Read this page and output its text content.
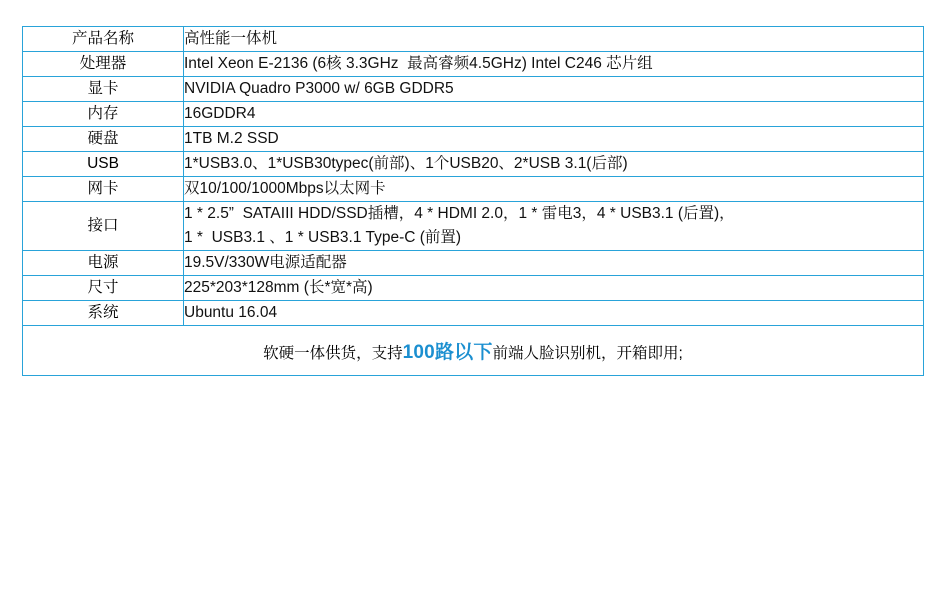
产品名称	高性能一体机

处理器	Intel Xeon E-2136 (6核 3.3GHz  最高睿频4.5GHz) Intel C246 芯片组

显卡	NVIDIA Quadro P3000 w/ 6GB GDDR5

内存	16GDDR4

硬盘	1TB M.2 SSD

USB	1*USB3.0、1*USB30typec(前部)、1个USB20、2*USB 3.1(后部)

网卡	双10/100/1000Mbps以太网卡

接口	1 * 2.5”  SATAIII HDD/SSD插槽，4 * HDMI 2.0，1 * 雷电3，4 * USB3.1 (后置)，
1 *  USB3.1 、1 * USB3.1 Type-C (前置)

电源	19.5V/330W电源适配器

尺寸	225*203*128mm (长*宽*高)

系统	Ubuntu 16.04

软硬一体供货，支持100路以下前端人脸识别机，开箱即用;	
